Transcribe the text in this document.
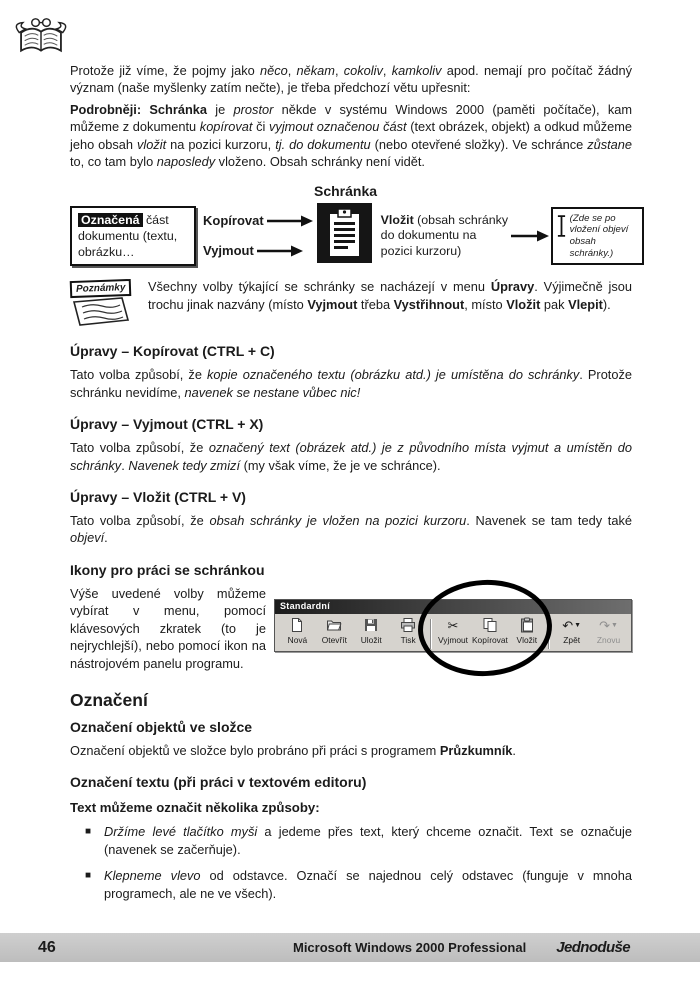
Protože již víme, že pojmy jako něco, někam, cokoliv, kamkoliv apod. nemají pro počítač žádný význam (naše myšlenky zatím nečte), je třeba předchozí větu upřesnit:

Podrobněji: Schránka je prostor někde v systému Windows 2000 (paměti počítače), kam můžeme z dokumentu kopírovat či vyjmout označenou část (text obrázek, objekt) a odkud můžeme jeho obsah vložit na pozici kurzoru, tj. do dokumentu (nebo otevřené složky). Ve schránce zůstane to, co tam bylo naposledy vloženo. Obsah schránky není vidět.

Schránka
Označená část dokumentu (textu, obrázku…
Kopírovat
Vyjmout
Vložit (obsah schránky do dokumentu na pozici kurzoru)
(Zde se po vložení objeví obsah schránky.)
Poznámky	Všechny volby týkající se schránky se nacházejí v menu Úpravy. Výjimečně jsou trochu jinak nazvány (místo Vyjmout třeba Vystřihnout, místo Vložit pak Vlepit).

Úpravy – Kopírovat (CTRL + C)

Tato volba způsobí, že kopie označeného textu (obrázku atd.) je umístěna do schránky. Protože schránku nevidíme, navenek se nestane vůbec nic!

Úpravy – Vyjmout (CTRL + X)

Tato volba způsobí, že označený text (obrázek atd.) je z původního místa vyjmut a umístěn do schránky. Navenek tedy zmizí (my však víme, že je ve schránce).

Úpravy – Vložit (CTRL + V)

Tato volba způsobí, že obsah schránky je vložen na pozici kurzoru. Navenek se tam tedy také objeví.

Ikony pro práci se schránkou

Výše uvedené volby můžeme vybírat v menu, pomocí klávesových zkratek (to je nejrychlejší), nebo pomocí ikon na nástrojovém panelu programu.

Standardní
Nová Otevřít Uložit Tisk
✂
Vyjmout Kopírovat Vložit
↶ ▼
Zpět
↷ ▼
Znovu
Označení
Označení objektů ve složce

Označení objektů ve složce bylo probráno při práci s programem Průzkumník.

Označení textu (při práci v textovém editoru)

Text můžeme označit několika způsoby:

■ Držíme levé tlačítko myši a jedeme přes text, který chceme označit. Text se označuje (navenek se začerňuje).

■ Klepneme vlevo od odstavce. Označí se najednou celý odstavec (funguje v mnoha programech, ale ne ve všech).

46	Microsoft Windows 2000 Professional Jednoduše
